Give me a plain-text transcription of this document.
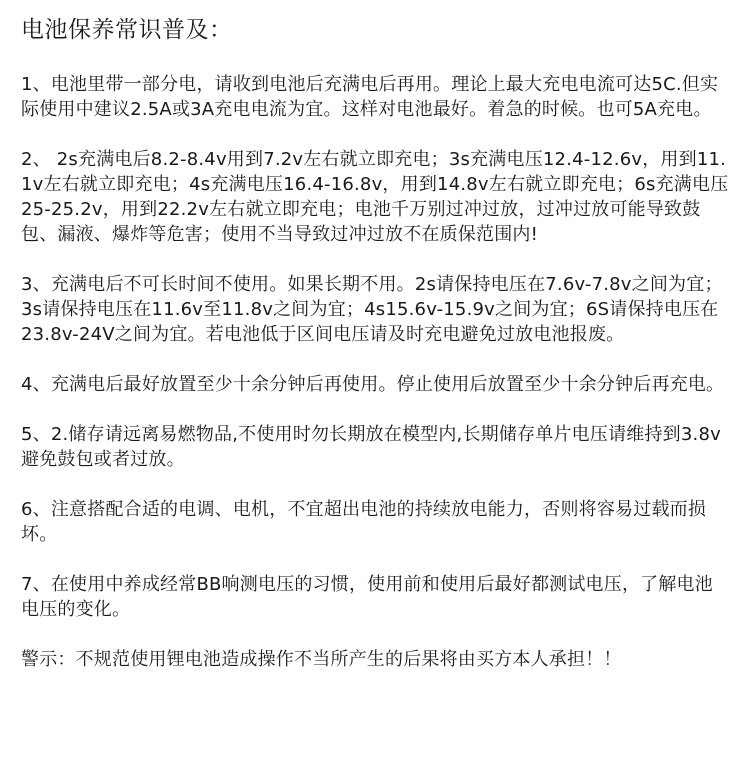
电池保养常识普及：

1、电池里带一部分电，请收到电池后充满电后再用。理论上最大充电电流可达5C.但实际使用中建议2.5A或3A充电电流为宜。这样对电池最好。着急的时候。也可5A充电。

2、 2s充满电后8.2-8.4v用到7.2v左右就立即充电；3s充满电压12.4-12.6v，用到11.1v左右就立即充电；4s充满电压16.4-16.8v，用到14.8v左右就立即充电；6s充满电压25-25.2v，用到22.2v左右就立即充电；电池千万别过冲过放，过冲过放可能导致鼓包、漏液、爆炸等危害；使用不当导致过冲过放不在质保范围内!

3、充满电后不可长时间不使用。如果长期不用。2s请保持电压在7.6v-7.8v之间为宜；3s请保持电压在11.6v至11.8v之间为宜；4s15.6v-15.9v之间为宜；6S请保持电压在23.8v-24V之间为宜。若电池低于区间电压请及时充电避免过放电池报废。

4、充满电后最好放置至少十余分钟后再使用。停止使用后放置至少十余分钟后再充电。

5、2.储存请远离易燃物品,不使用时勿长期放在模型内,长期储存单片电压请维持到3.8v避免鼓包或者过放。

6、注意搭配合适的电调、电机，不宜超出电池的持续放电能力，否则将容易过载而损坏。

7、在使用中养成经常BB响测电压的习惯，使用前和使用后最好都测试电压，了解电池电压的变化。

警示：不规范使用锂电池造成操作不当所产生的后果将由买方本人承担！！
